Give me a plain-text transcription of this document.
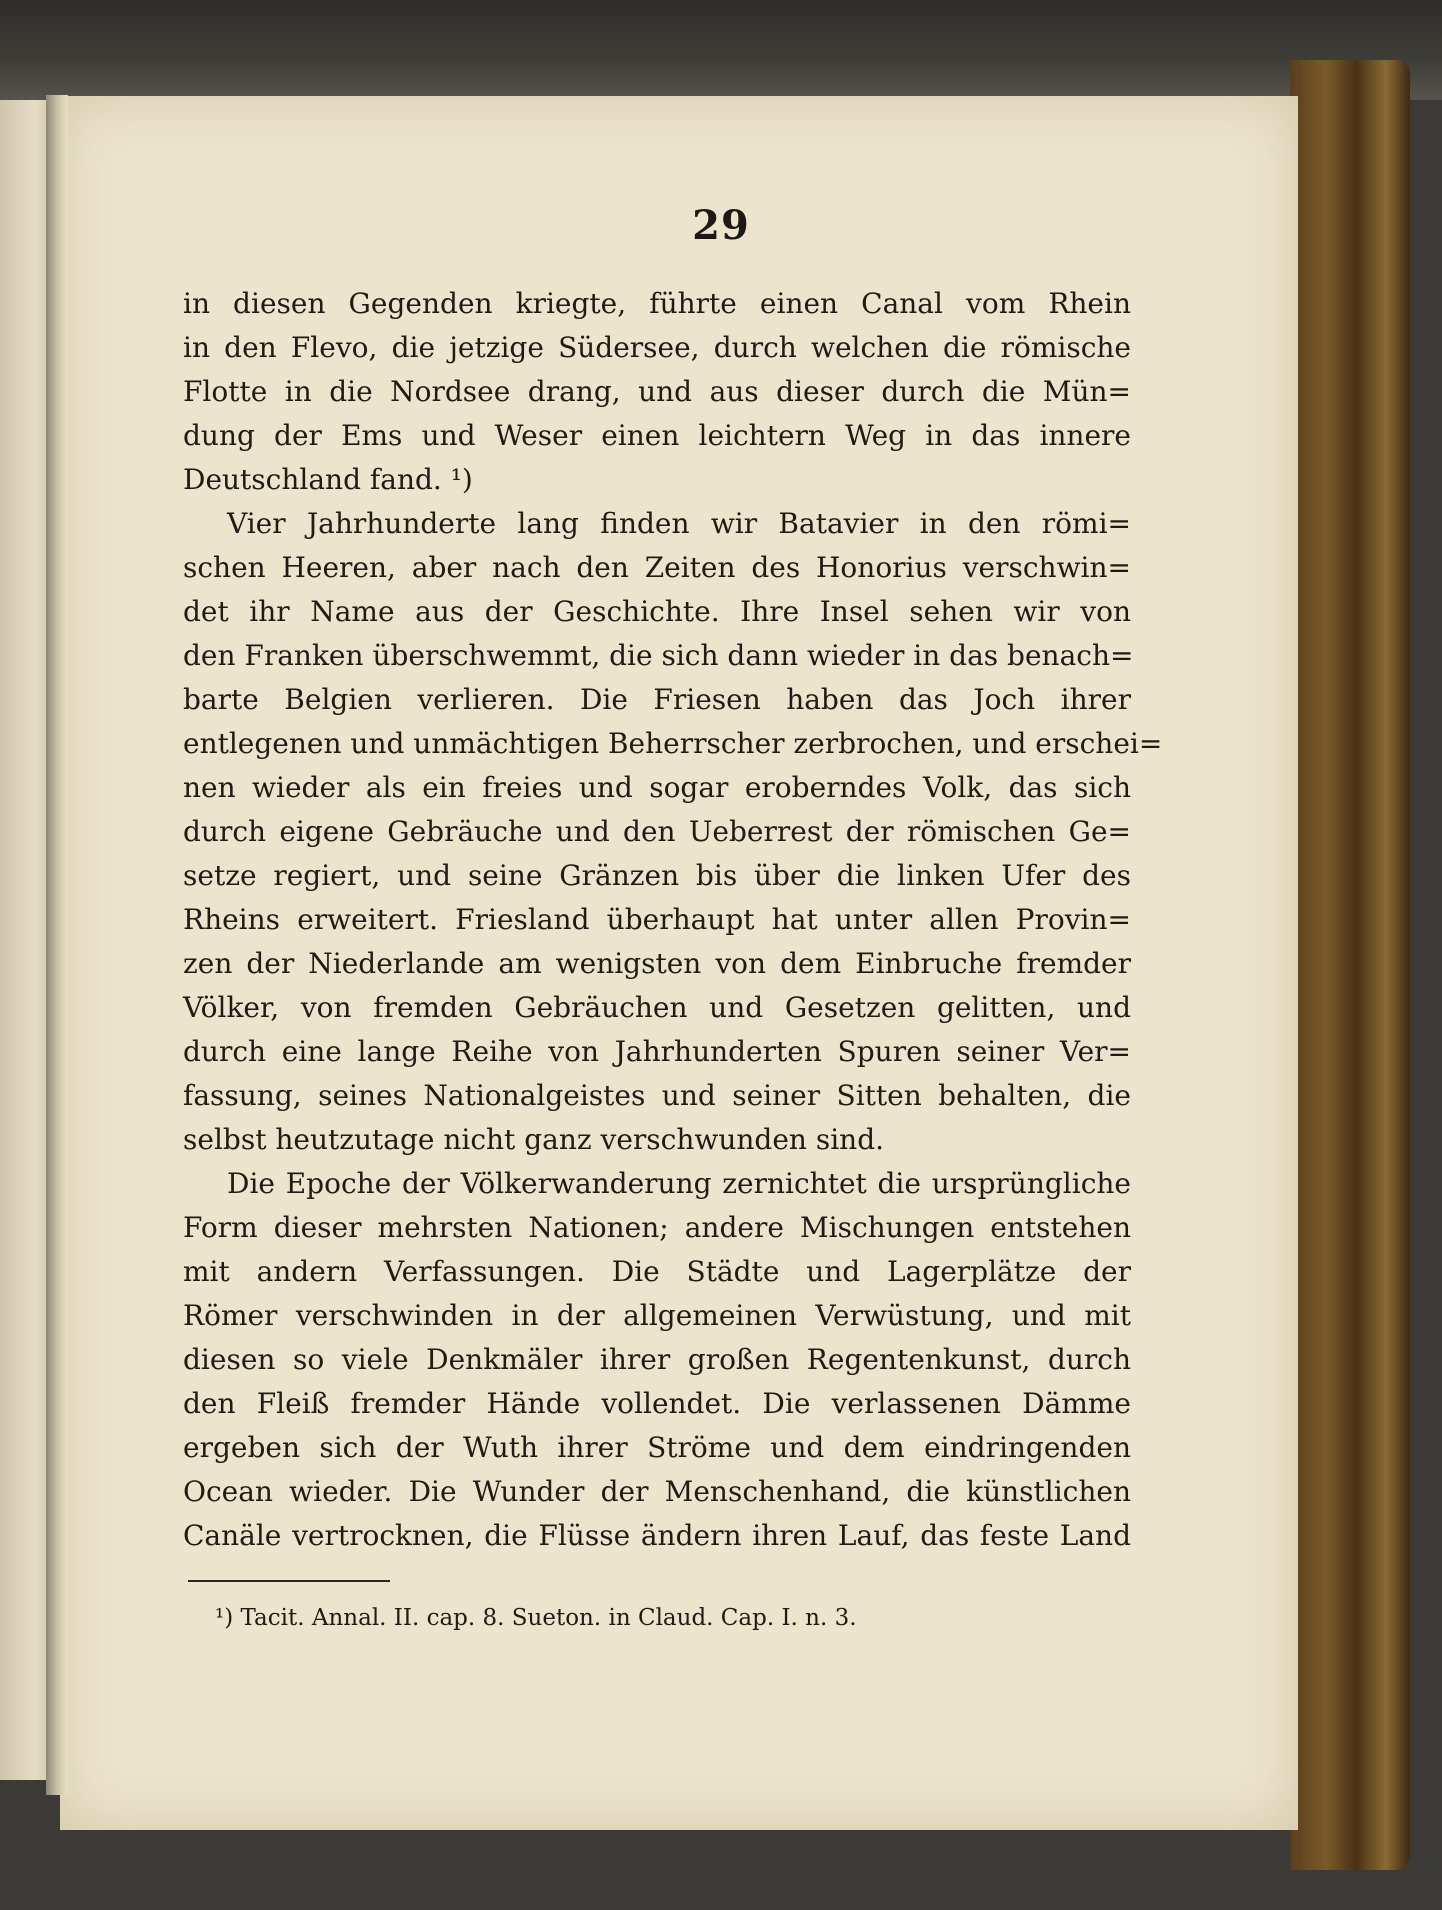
29
in diesen Gegenden kriegte, führte einen Canal vom Rhein
in den Flevo, die jetzige Südersee, durch welchen die römische
Flotte in die Nordsee drang, und aus dieser durch die Mün=
dung der Ems und Weser einen leichtern Weg in das innere
Deutschland fand. ¹)
Vier Jahrhunderte lang finden wir Batavier in den römi=
schen Heeren, aber nach den Zeiten des Honorius verschwin=
det ihr Name aus der Geschichte. Ihre Insel sehen wir von
den Franken überschwemmt, die sich dann wieder in das benach=
barte Belgien verlieren. Die Friesen haben das Joch ihrer
entlegenen und unmächtigen Beherrscher zerbrochen, und erschei=
nen wieder als ein freies und sogar eroberndes Volk, das sich
durch eigene Gebräuche und den Ueberrest der römischen Ge=
setze regiert, und seine Gränzen bis über die linken Ufer des
Rheins erweitert. Friesland überhaupt hat unter allen Provin=
zen der Niederlande am wenigsten von dem Einbruche fremder
Völker, von fremden Gebräuchen und Gesetzen gelitten, und
durch eine lange Reihe von Jahrhunderten Spuren seiner Ver=
fassung, seines Nationalgeistes und seiner Sitten behalten, die
selbst heutzutage nicht ganz verschwunden sind.
Die Epoche der Völkerwanderung zernichtet die ursprüngliche
Form dieser mehrsten Nationen; andere Mischungen entstehen
mit andern Verfassungen. Die Städte und Lagerplätze der
Römer verschwinden in der allgemeinen Verwüstung, und mit
diesen so viele Denkmäler ihrer großen Regentenkunst, durch
den Fleiß fremder Hände vollendet. Die verlassenen Dämme
ergeben sich der Wuth ihrer Ströme und dem eindringenden
Ocean wieder. Die Wunder der Menschenhand, die künstlichen
Canäle vertrocknen, die Flüsse ändern ihren Lauf, das feste Land
¹) Tacit. Annal. II. cap. 8. Sueton. in Claud. Cap. I. n. 3.
